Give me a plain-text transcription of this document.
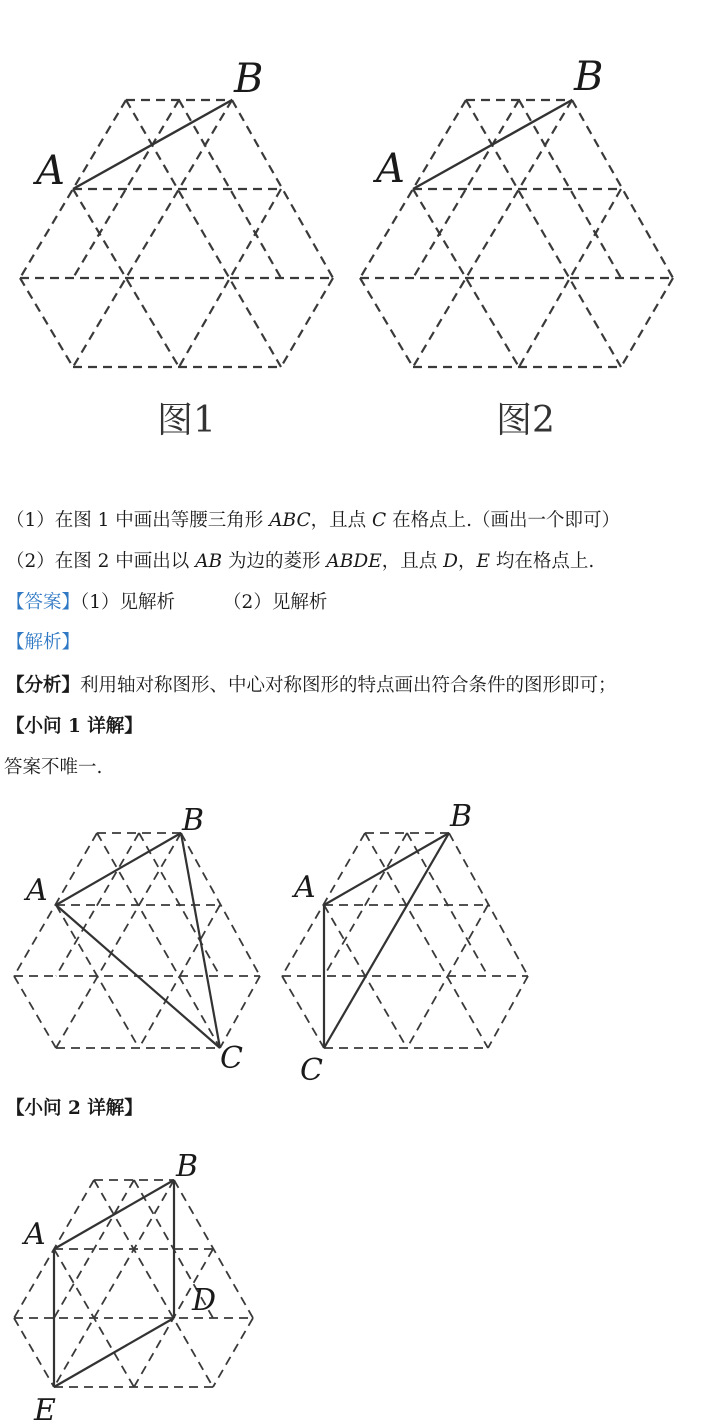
A
B
图1
A
B
图2
（1）在图 1 中画出等腰三角形 ABC，且点 C 在格点上.（画出一个即可）
（2）在图 2 中画出以 AB 为边的菱形 ABDE，且点 D，E 均在格点上.
【答案】（1）见解析	（2）见解析
【解析】
【分析】利用轴对称图形、中心对称图形的特点画出符合条件的图形即可；
【小问 1 详解】
答案不唯一.
A
B
C
A
B
C
【小问 2 详解】
A
B
D
E
